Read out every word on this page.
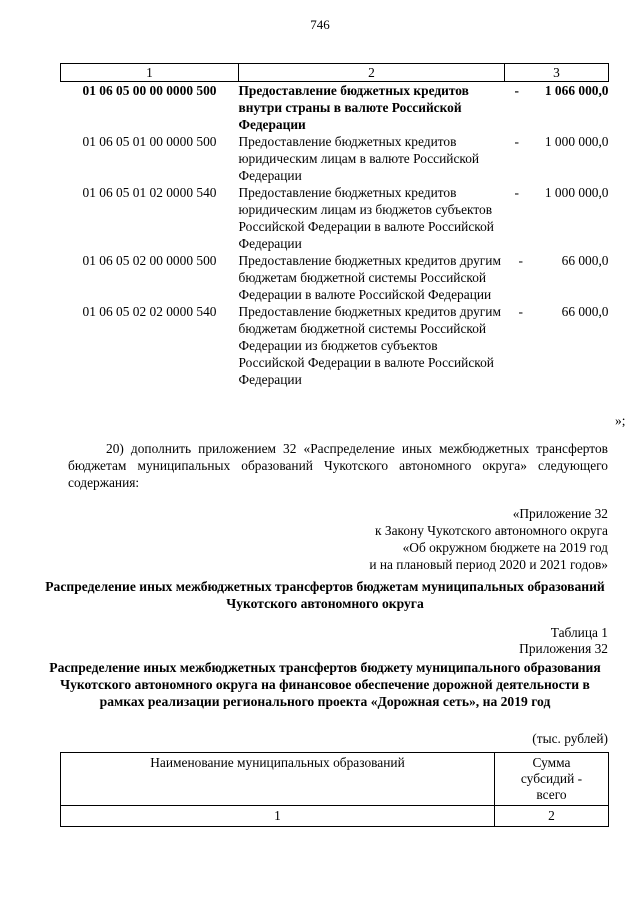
746
1	2	3
01 06 05 00 00 0000 500	Предоставление бюджетных кредитов внутри страны в валюте Российской Федерации	- 1 066 000,0

01 06 05 01 00 0000 500	Предоставление бюджетных кредитов юридическим лицам в валюте Российской Федерации	- 1 000 000,0

01 06 05 01 02 0000 540	Предоставление бюджетных кредитов юридическим лицам из бюджетов субъектов Российской Федерации в валюте Российской Федерации	- 1 000 000,0

01 06 05 02 00 0000 500	Предоставление бюджетных кредитов другим бюджетам бюджетной системы Российской Федерации в валюте Российской Федерации	- 66 000,0

01 06 05 02 02 0000 540	Предоставление бюджетных кредитов другим бюджетам бюджетной системы Российской Федерации из бюджетов субъектов Российской Федерации в валюте Российской Федерации	- 66 000,0
»;
20) дополнить приложением 32 «Распределение иных межбюджетных трансфертов бюджетам муниципальных образований Чукотского автономного округа» следующего содержания:
«Приложение 32
к Закону Чукотского автономного округа
«Об окружном бюджете на 2019 год
и на плановый период 2020 и 2021 годов»
Распределение иных межбюджетных трансфертов бюджетам муниципальных образований Чукотского автономного округа
Таблица 1
Приложения 32
Распределение иных межбюджетных трансфертов бюджету муниципального образования Чукотского автономного округа на финансовое обеспечение дорожной деятельности в рамках реализации регионального проекта «Дорожная сеть», на 2019 год
(тыс. рублей)
Наименование муниципальных образований	Сумма субсидий - всего
1	2
